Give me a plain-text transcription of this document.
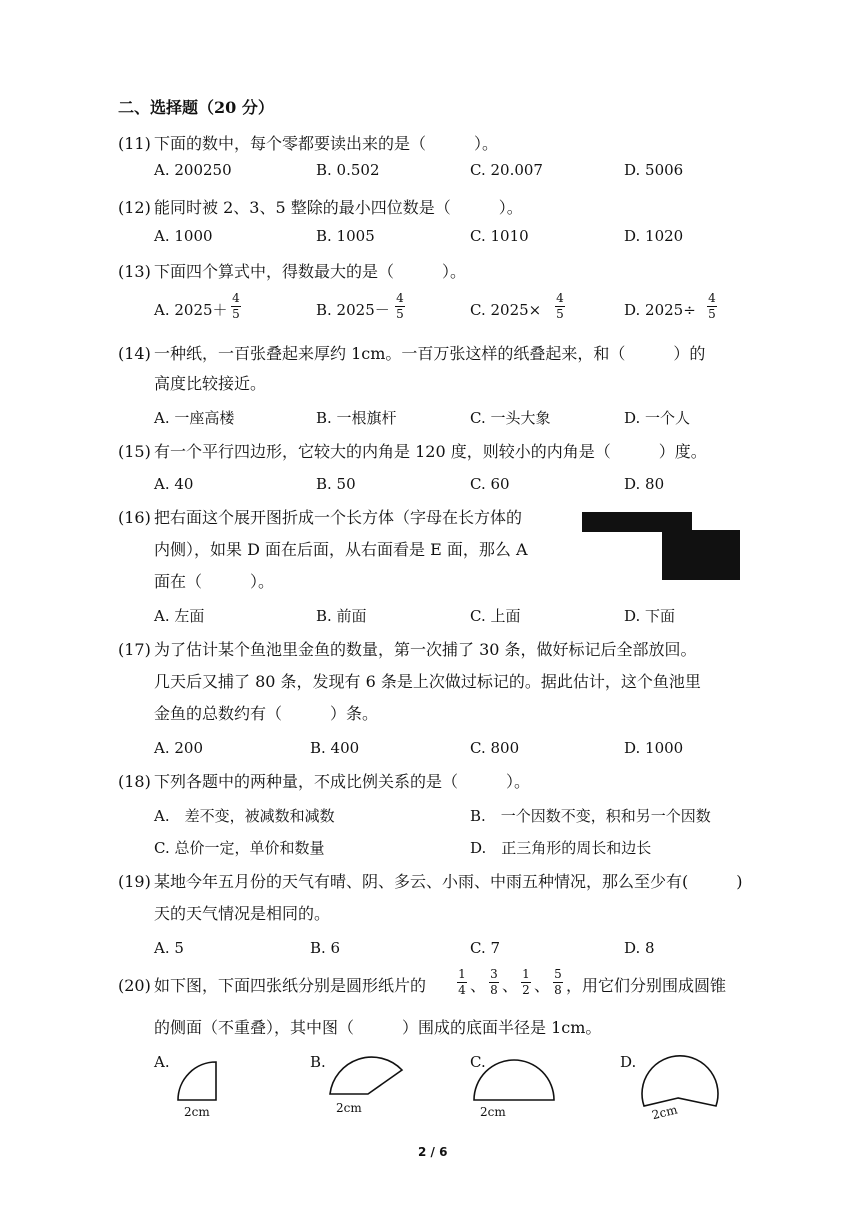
二、选择题（20 分）
(11) 下面的数中，每个零都要读出来的是（　　　）。
A. 200250	B. 0.502	C. 20.007	D. 5006
(12) 能同时被 2、3、5 整除的最小四位数是（　　　）。
A. 1000	B. 1005	C. 1010	D. 1020
(13) 下面四个算式中，得数最大的是（　　　）。
A. 2025＋
4
5	B. 2025－
4
5	C. 2025×
4
5	D. 2025÷
4
5
(14) 一种纸，一百张叠起来厚约 1cm。一百万张这样的纸叠起来，和（　　　）的
高度比较接近。
A. 一座高楼	B. 一根旗杆	C. 一头大象	D. 一个人
(15) 有一个平行四边形，它较大的内角是 120 度，则较小的内角是（　　　）度。
A. 40	B. 50	C. 60	D. 80
(16) 把右面这个展开图折成一个长方体（字母在长方体的
内侧），如果 D 面在后面，从右面看是 E 面，那么 A
面在（　　　）。
A. 左面	B. 前面	C. 上面	D. 下面
(17) 为了估计某个鱼池里金鱼的数量，第一次捕了 30 条，做好标记后全部放回。
几天后又捕了 80 条，发现有 6 条是上次做过标记的。据此估计，这个鱼池里
金鱼的总数约有（　　　）条。
A. 200	B. 400	C. 800	D. 1000
(18) 下列各题中的两种量，不成比例关系的是（　　　）。
A.　差不变，被减数和减数	B.　一个因数不变，积和另一个因数
C. 总价一定，单价和数量	D.　正三角形的周长和边长
(19) 某地今年五月份的天气有晴、阴、多云、小雨、中雨五种情况，那么至少有(　　　)
天的天气情况是相同的。
A. 5	B. 6	C. 7	D. 8
(20) 如下图，下面四张纸分别是圆形纸片的
1
4 、
3
8 、
1
2 、
5
8 ，用它们分别围成圆锥
的侧面（不重叠），其中图（　　　）围成的底面半径是 1cm。
A.
2cm
B.
2cm
C.
2cm
D.
2cm
2 / 6
